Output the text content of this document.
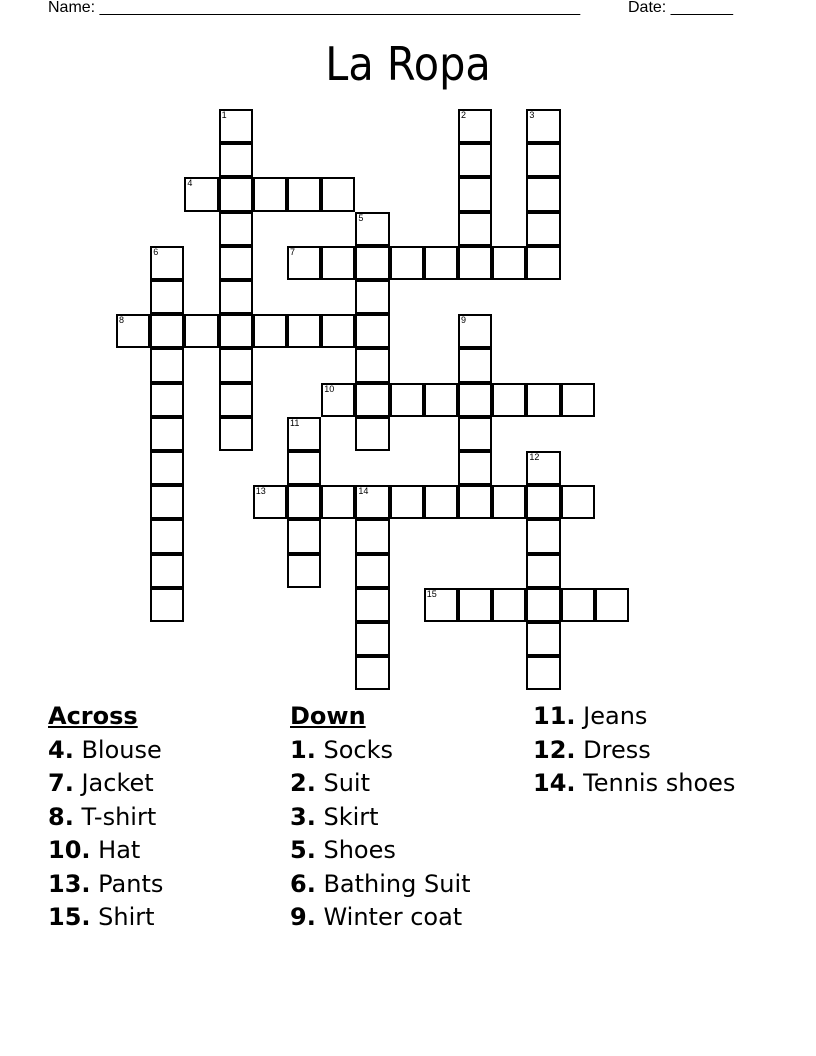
Name: ______________________________________________________	Date: _______
La Ropa
1	2	3
4
5
6	7
8	9
10
11
12
13	14
15
Across
4. Blouse
7. Jacket
8. T-shirt
10. Hat
13. Pants
15. Shirt
Down
1. Socks
2. Suit
3. Skirt
5. Shoes
6. Bathing Suit
9. Winter coat
11. Jeans
12. Dress
14. Tennis shoes
